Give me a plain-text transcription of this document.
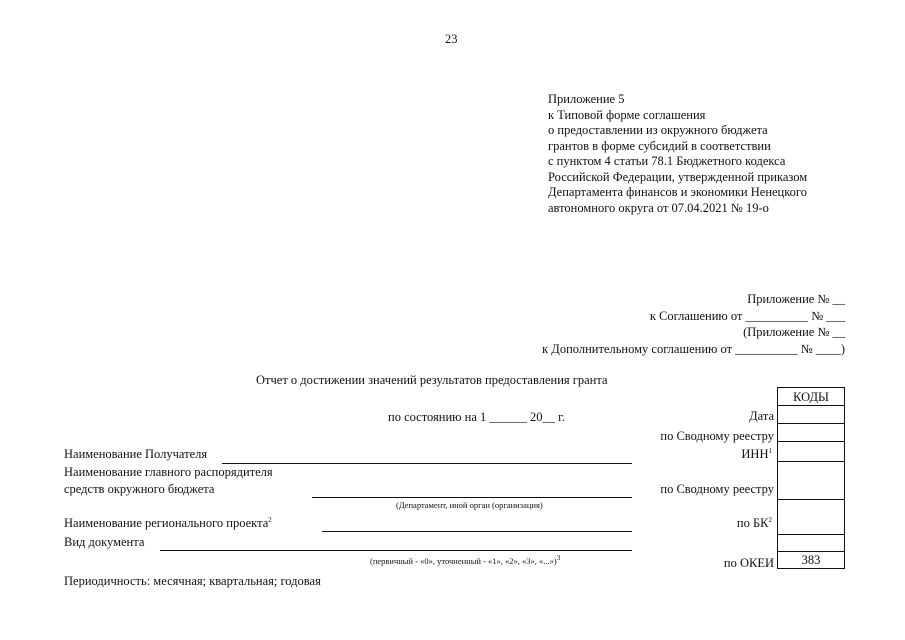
23
Приложение 5
к Типовой форме соглашения
о предоставлении из окружного бюджета
грантов в форме субсидий в соответствии
с пунктом 4 статьи 78.1 Бюджетного кодекса
Российской Федерации, утвержденной приказом
Департамента финансов и экономики Ненецкого
автономного округа от 07.04.2021 № 19-о
Приложение № __
к Соглашению от __________ № ___
(Приложение № __
к Дополнительному соглашению от __________ № ____)
Отчет о достижении значений результатов предоставления гранта
по состоянию на 1 ______ 20__ г.
КОДЫ
383
Дата
по Сводному реестру
ИНН$^1$
по Сводному реестру
по $БК^2$
по ОКЕИ
Наименование Получателя
Наименование главного распорядителя
средств окружного бюджета
(Департамент, иной орган (организация)
Наименование регионального проекта$^2$
Вид документа
(первичный - «0», уточненный - «1», «2», «3», «...»)$^3$
Периодичность: месячная; квартальная; годовая
